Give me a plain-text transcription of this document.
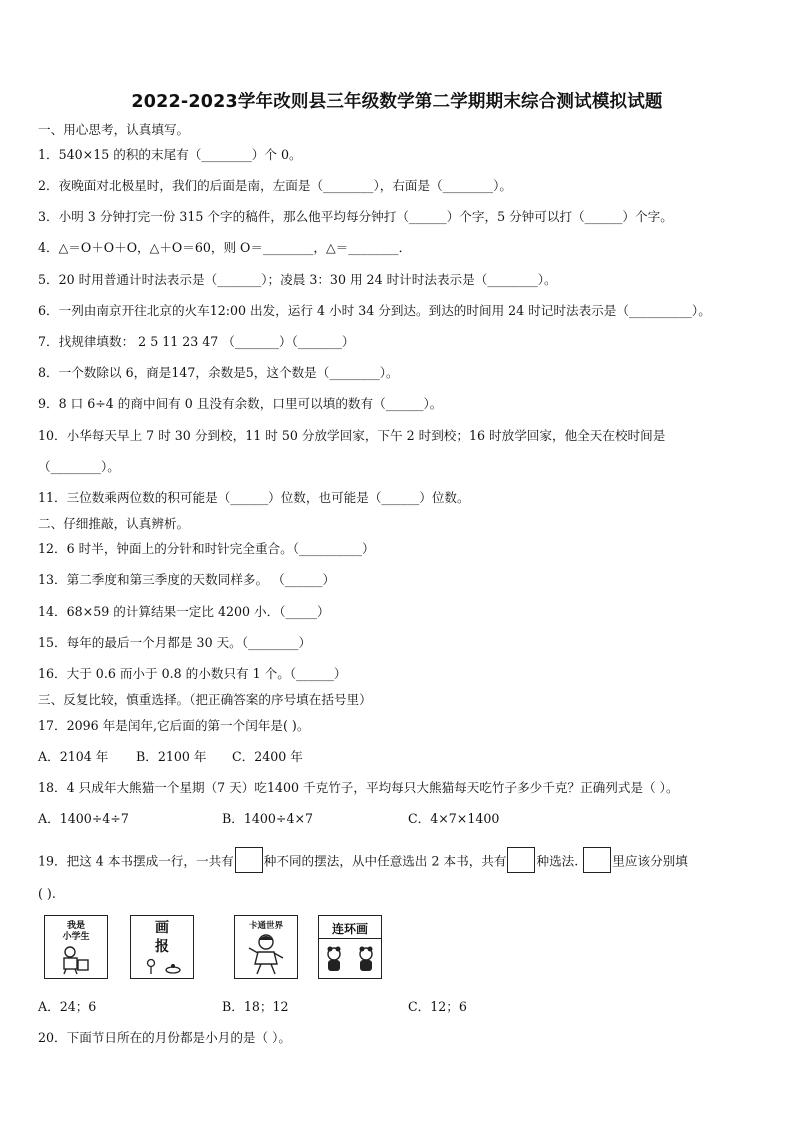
2022-2023学年改则县三年级数学第二学期期末综合测试模拟试题
一、用心思考，认真填写。
1．540×15 的积的末尾有（________）个 0。
2．夜晚面对北极星时，我们的后面是南，左面是（________），右面是（________）。
3．小明 3 分钟打完一份 315 个字的稿件，那么他平均每分钟打（______）个字，5 分钟可以打（______）个字。
4．△＝O＋O＋O，△＋O＝60，则 O＝________，△＝________．
5．20 时用普通计时法表示是（_______）；凌晨 3：30 用 24 时计时法表示是（________）。
6．一列由南京开往北京的火车12:00 出发，运行 4 小时 34 分到达。到达的时间用 24 时记时法表示是（__________）。
7．找规律填数： 2 5 11 23 47 （_______）（_______）
8．一个数除以 6，商是147，余数是5，这个数是（________）。
9．8 口 6÷4 的商中间有 0 且没有余数，口里可以填的数有（______）。
10．小华每天早上 7 时 30 分到校，11 时 50 分放学回家，下午 2 时到校；16 时放学回家，他全天在校时间是
（________）。
11．三位数乘两位数的积可能是（______）位数，也可能是（______）位数。
二、仔细推敲，认真辨析。
12．6 时半，钟面上的分针和时针完全重合。（__________）
13．第二季度和第三季度的天数同样多。 （______）
14．68×59 的计算结果一定比 4200 小．（_____）
15．每年的最后一个月都是 30 天。（________）
16．大于 0.6 而小于 0.8 的小数只有 1 个。（______）
三、反复比较，慎重选择。（把正确答案的序号填在括号里）
17．2096 年是闰年,它后面的第一个闰年是( )。
A．2104 年 B．2100 年 C．2400 年
18．4 只成年大熊猫一个星期（7 天）吃1400 千克竹子，平均每只大熊猫每天吃竹子多少千克？正确列式是（ ）。
A．1400÷4÷7	B．1400÷4×7	C．4×7×1400
19．把这 4 本书摆成一行，一共有 种不同的摆法，从中任意选出 2 本书，共有 种选法.	里应该分别填
( ).
我是
小学生
画
报
卡通世界	连环画
A．24；6	B．18；12	C．12；6
20．下面节日所在的月份都是小月的是（ ）。
